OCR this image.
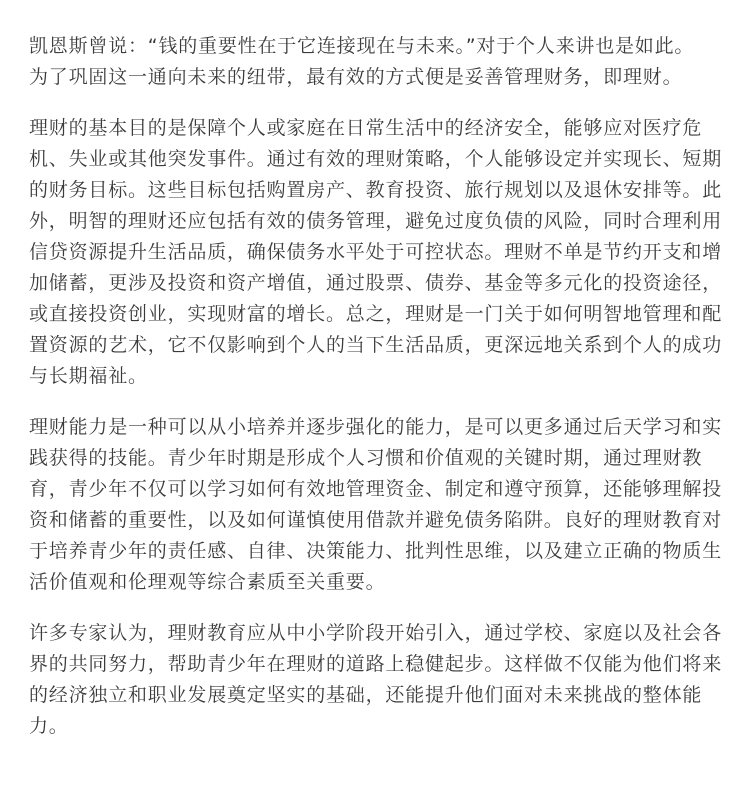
凯恩斯曾说：“钱的重要性在于它连接现在与未来。”对于个人来讲也是如此。
为了巩固这一通向未来的纽带，最有效的方式便是妥善管理财务，即理财。

理财的基本目的是保障个人或家庭在日常生活中的经济安全，能够应对医疗危
机、失业或其他突发事件。通过有效的理财策略，个人能够设定并实现长、短期
的财务目标。这些目标包括购置房产、教育投资、旅行规划以及退休安排等。此
外，明智的理财还应包括有效的债务管理，避免过度负债的风险，同时合理利用
信贷资源提升生活品质，确保债务水平处于可控状态。理财不单是节约开支和增
加储蓄，更涉及投资和资产增值，通过股票、债券、基金等多元化的投资途径，
或直接投资创业，实现财富的增长。总之，理财是一门关于如何明智地管理和配
置资源的艺术，它不仅影响到个人的当下生活品质，更深远地关系到个人的成功
与长期福祉。

理财能力是一种可以从小培养并逐步强化的能力，是可以更多通过后天学习和实
践获得的技能。青少年时期是形成个人习惯和价值观的关键时期，通过理财教
育，青少年不仅可以学习如何有效地管理资金、制定和遵守预算，还能够理解投
资和储蓄的重要性，以及如何谨慎使用借款并避免债务陷阱。良好的理财教育对
于培养青少年的责任感、自律、决策能力、批判性思维，以及建立正确的物质生
活价值观和伦理观等综合素质至关重要。

许多专家认为，理财教育应从中小学阶段开始引入，通过学校、家庭以及社会各
界的共同努力，帮助青少年在理财的道路上稳健起步。这样做不仅能为他们将来
的经济独立和职业发展奠定坚实的基础，还能提升他们面对未来挑战的整体能
力。
